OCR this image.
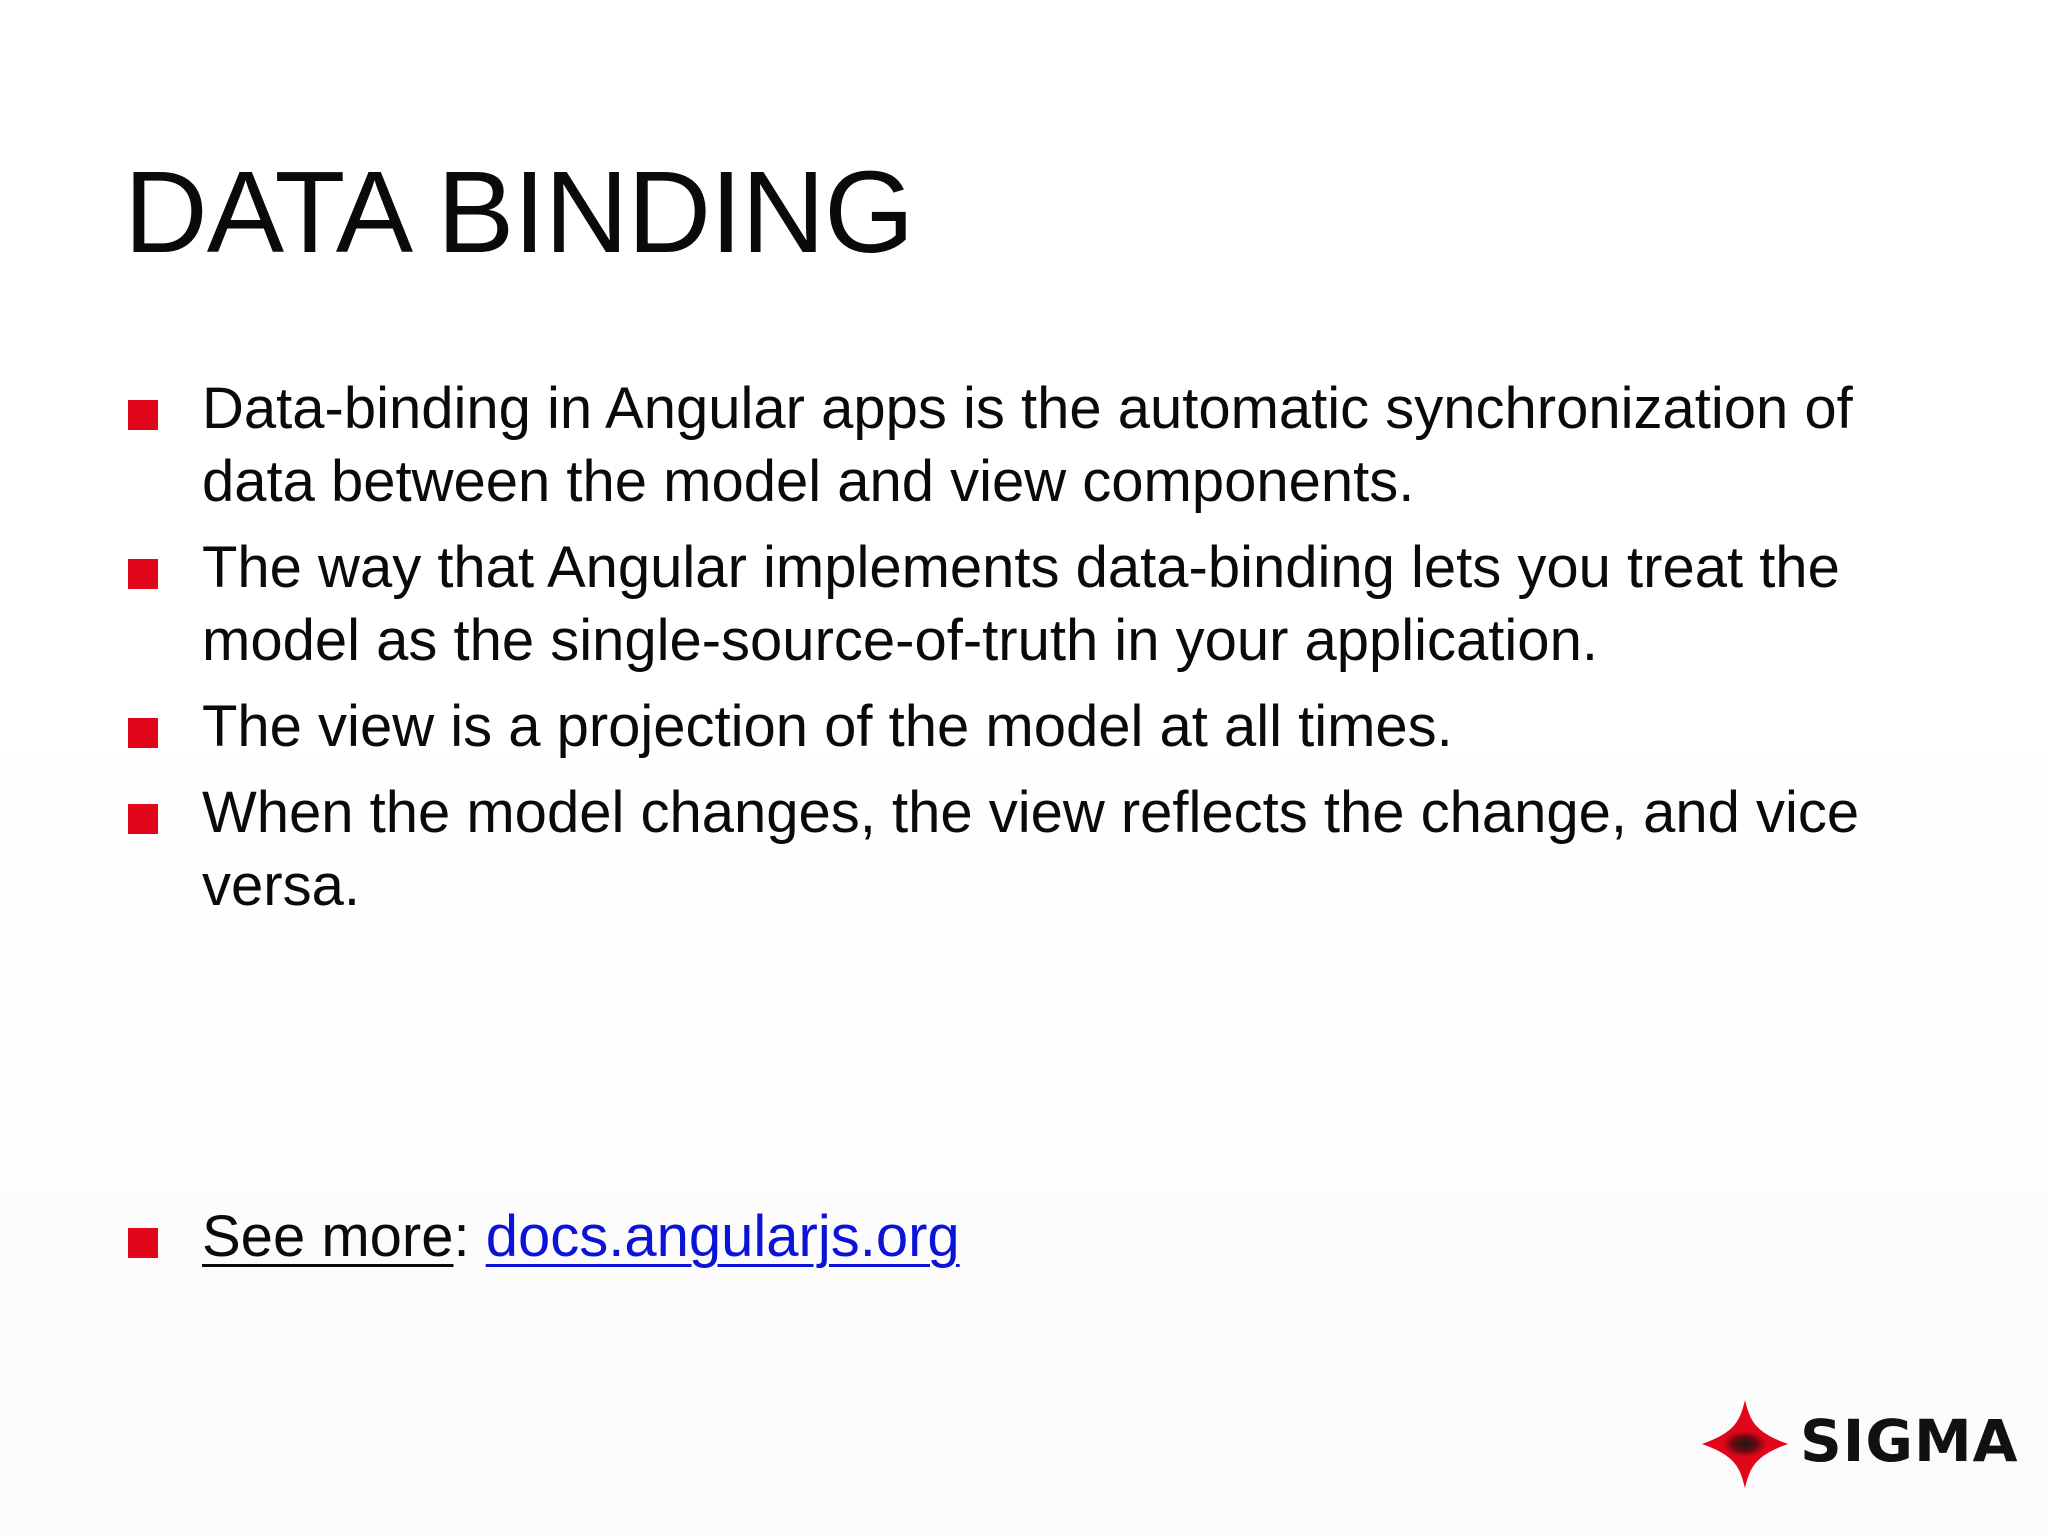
DATA BINDING
Data-binding in Angular apps is the automatic synchronization of data between the model and view components.
The way that Angular implements data-binding lets you treat the model as the single-source-of-truth in your application.
The view is a projection of the model at all times.
When the model changes, the view reflects the change, and vice versa.
See more: docs.angularjs.org
SIGMA
